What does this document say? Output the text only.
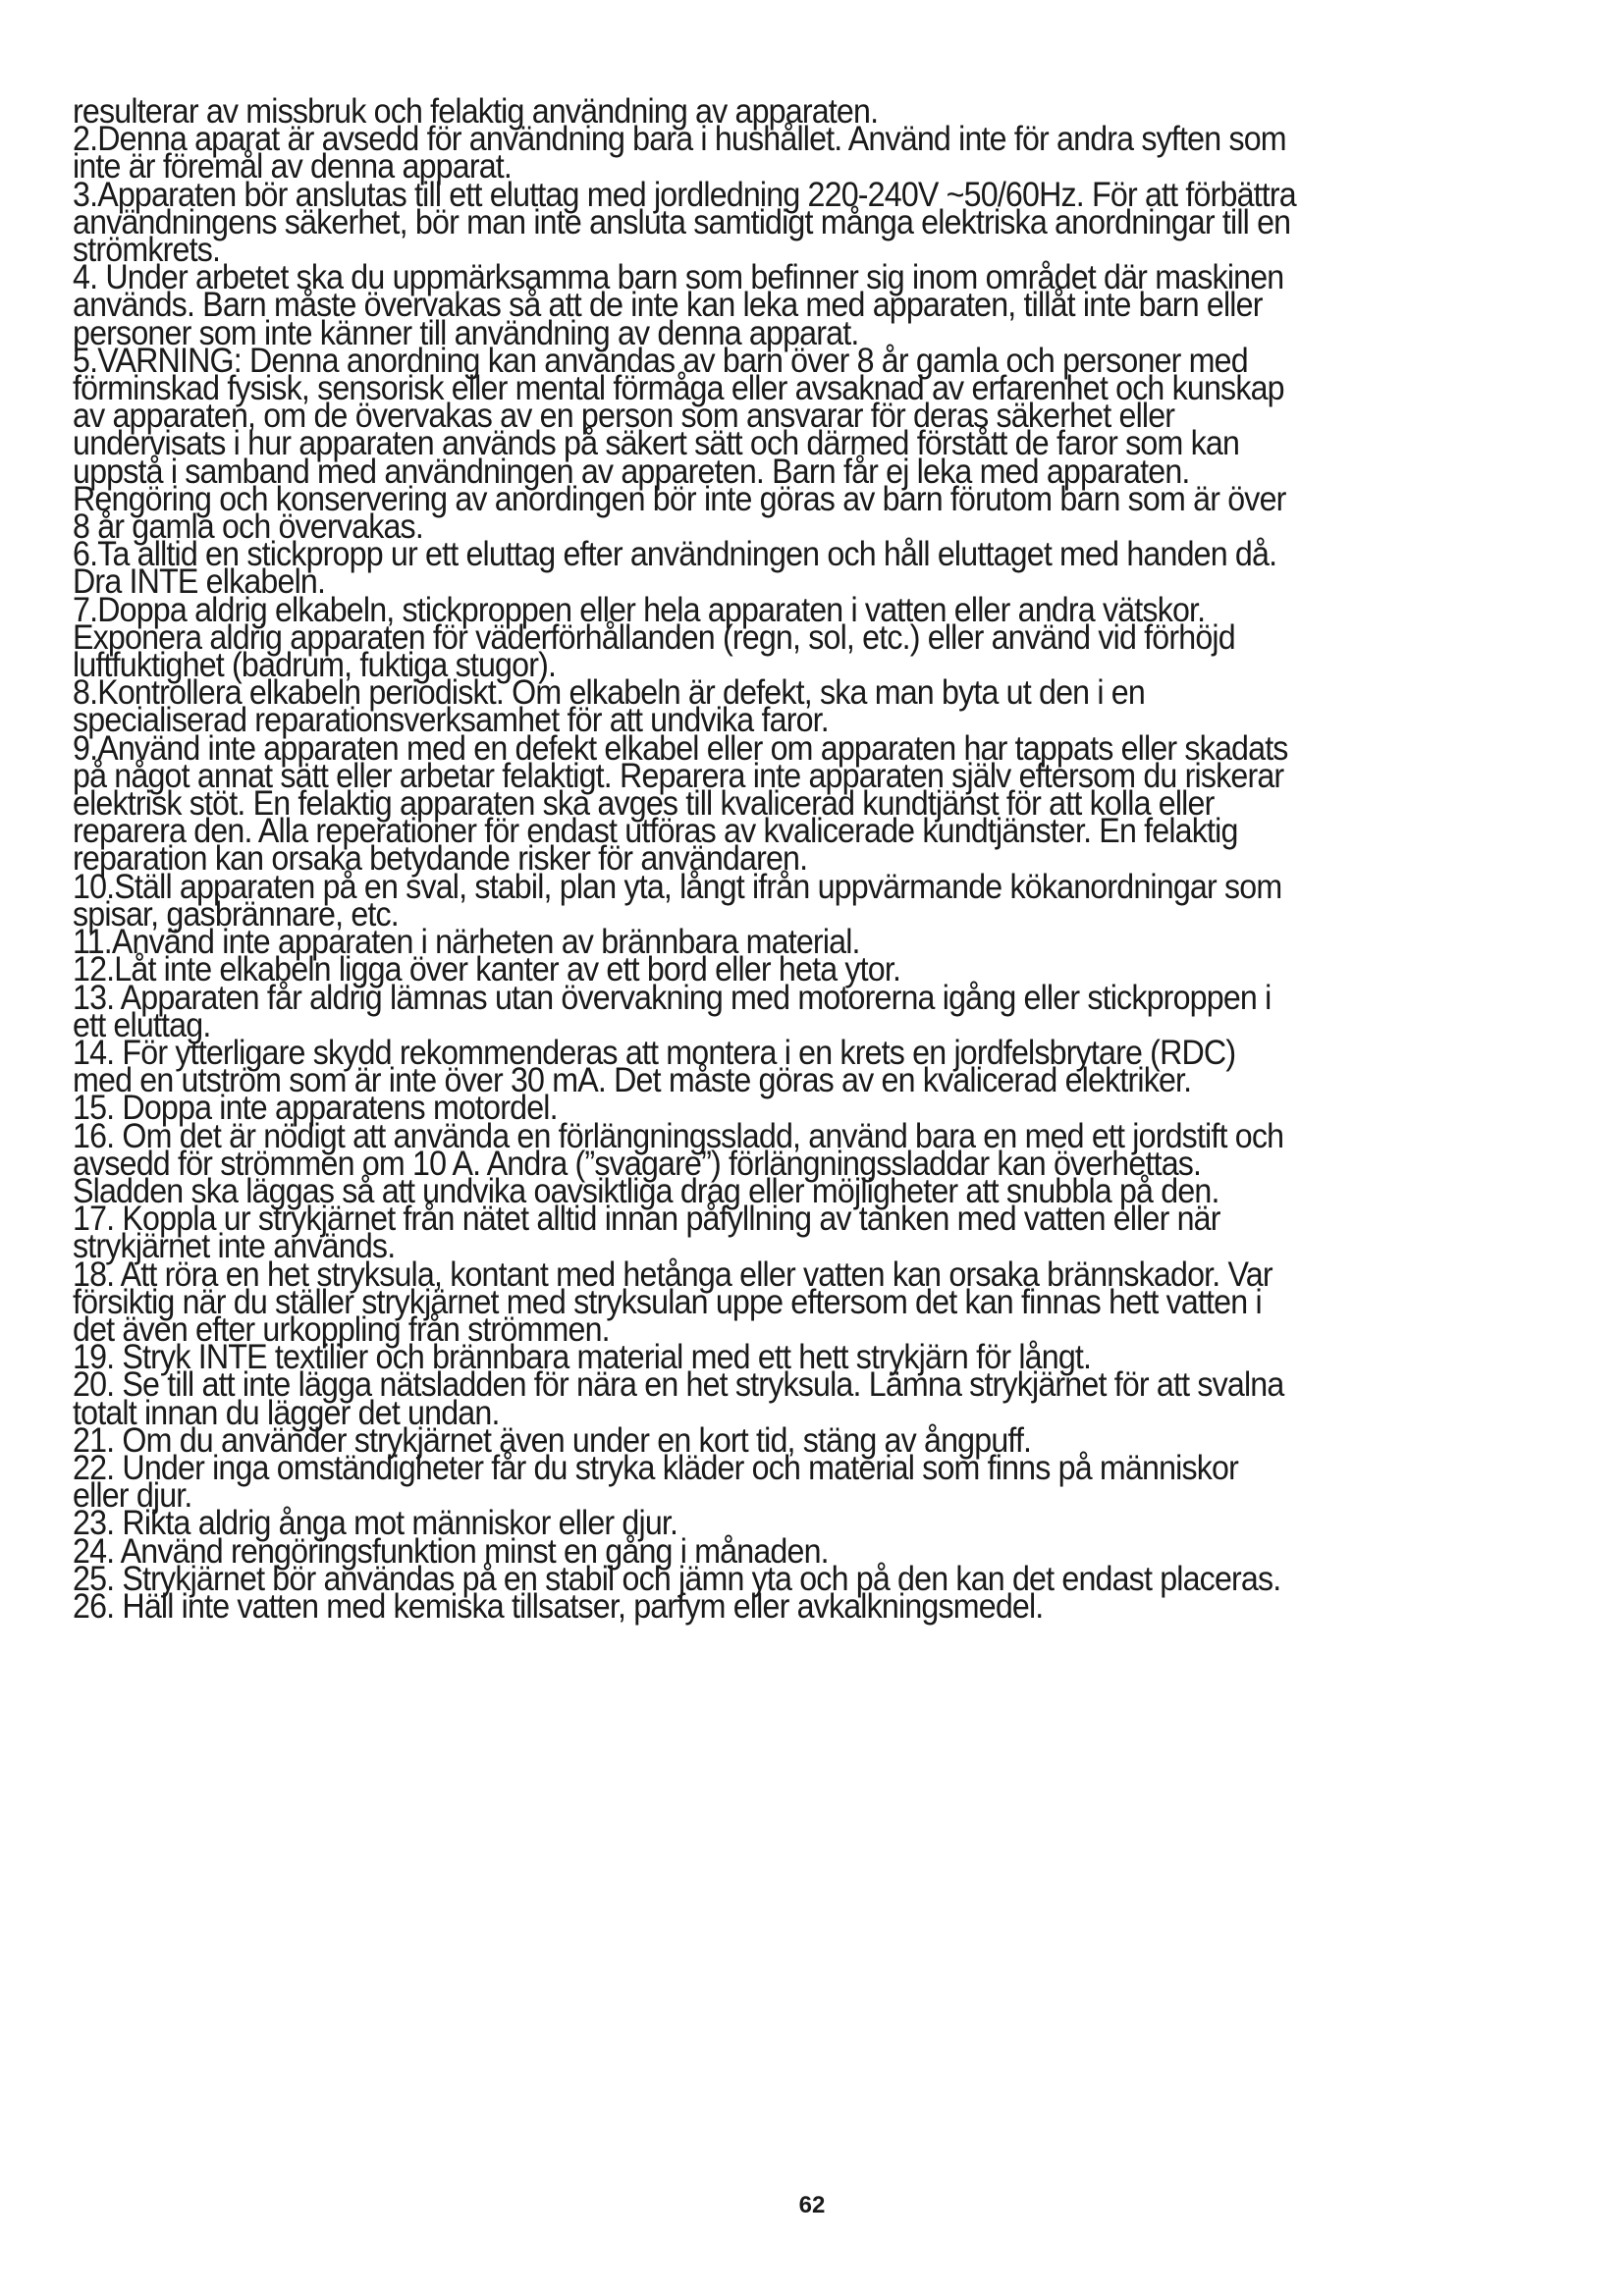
resulterar av missbruk och felaktig användning av apparaten.

2.Denna aparat är avsedd för användning bara i hushållet. Använd inte för andra syften som
inte är föremål av denna apparat.

3.Apparaten bör anslutas till ett eluttag med jordledning 220-240V ~50/60Hz. För att förbättra
användningens säkerhet, bör man inte ansluta samtidigt många elektriska anordningar till en
strömkrets.

4. Under arbetet ska du uppmärksamma barn som befinner sig inom området där maskinen
används. Barn måste övervakas så att de inte kan leka med apparaten, tillåt inte barn eller
personer som inte känner till användning av denna apparat.

5.VARNING: Denna anordning kan användas av barn över 8 år gamla och personer med
förminskad fysisk, sensorisk eller mental förmåga eller avsaknad av erfarenhet och kunskap
av apparaten, om de övervakas av en person som ansvarar för deras säkerhet eller
undervisats i hur apparaten används på säkert sätt och därmed förstått de faror som kan
uppstå i samband med användningen av appareten. Barn får ej leka med apparaten.
Rengöring och konservering av anordingen bör inte göras av barn förutom barn som är över
8 år gamla och övervakas.

6.Ta alltid en stickpropp ur ett eluttag efter användningen och håll eluttaget med handen då.
Dra INTE elkabeln.

7.Doppa aldrig elkabeln, stickproppen eller hela apparaten i vatten eller andra vätskor.
Exponera aldrig apparaten för väderförhållanden (regn, sol, etc.) eller använd vid förhöjd
luftfuktighet (badrum, fuktiga stugor).

8.Kontrollera elkabeln periodiskt. Om elkabeln är defekt, ska man byta ut den i en
specialiserad reparationsverksamhet för att undvika faror.

9.Använd inte apparaten med en defekt elkabel eller om apparaten har tappats eller skadats
på något annat sätt eller arbetar felaktigt. Reparera inte apparaten själv eftersom du riskerar
elektrisk stöt. En felaktig apparaten ska avges till kvalicerad kundtjänst för att kolla eller
reparera den. Alla reperationer för endast utföras av kvalicerade kundtjänster. En felaktig
reparation kan orsaka betydande risker för användaren.

10.Ställ apparaten på en sval, stabil, plan yta, långt ifrån uppvärmande kökanordningar som
spisar, gasbrännare, etc.

11.Använd inte apparaten i närheten av brännbara material.

12.Låt inte elkabeln ligga över kanter av ett bord eller heta ytor.

13. Apparaten får aldrig lämnas utan övervakning med motorerna igång eller stickproppen i
ett eluttag.

14. För ytterligare skydd rekommenderas att montera i en krets en jordfelsbrytare (RDC)
med en utström som är inte över 30 mA. Det måste göras av en kvalicerad elektriker.

15. Doppa inte apparatens motordel.

16. Om det är nödigt att använda en förlängningssladd, använd bara en med ett jordstift och
avsedd för strömmen om 10 A. Andra (”svagare”) förlängningssladdar kan överhettas.
Sladden ska läggas så att undvika oavsiktliga drag eller möjligheter att snubbla på den.

17. Koppla ur strykjärnet från nätet alltid innan påfyllning av tanken med vatten eller när
strykjärnet inte används.

18. Att röra en het stryksula, kontant med hetånga eller vatten kan orsaka brännskador. Var
försiktig när du ställer strykjärnet med stryksulan uppe eftersom det kan finnas hett vatten i
det även efter urkoppling från strömmen.

19. Stryk INTE textilier och brännbara material med ett hett strykjärn för långt.

20. Se till att inte lägga nätsladden för nära en het stryksula. Lämna strykjärnet för att svalna
totalt innan du lägger det undan.

21. Om du använder strykjärnet även under en kort tid, stäng av ångpuff.

22. Under inga omständigheter får du stryka kläder och material som finns på människor
eller djur.

23. Rikta aldrig ånga mot människor eller djur.

24. Använd rengöringsfunktion minst en gång i månaden.

25. Strykjärnet bör användas på en stabil och jämn yta och på den kan det endast placeras.

26. Häll inte vatten med kemiska tillsatser, parfym eller avkalkningsmedel.

62
